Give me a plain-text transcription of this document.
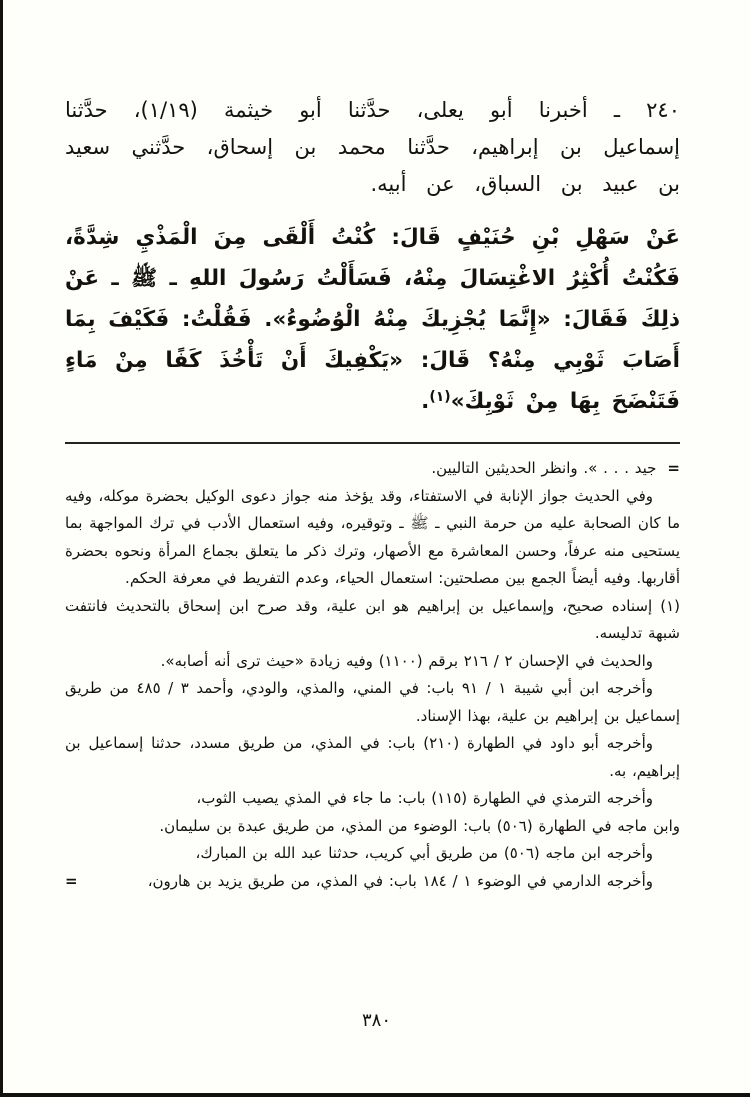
٢٤٠ ـ أخبرنا أبو يعلى، حدَّثنا أبو خيثمة (١/١٩)، حدَّثنا إسماعيل بن إبراهيم، حدَّثنا محمد بن إسحاق، حدَّثني سعيد بن عبيد بن السباق، عن أبيه.

عَنْ سَهْلِ بْنِ حُنَيْفٍ قَالَ: كُنْتُ أَلْقَى مِنَ الْمَذْيِ شِدَّةً، فَكُنْتُ أُكْثِرُ الاغْتِسَالَ مِنْهُ، فَسَأَلْتُ رَسُولَ اللهِ ـ ﷺ ـ عَنْ ذلِكَ فَقَالَ: «إِنَّمَا يُجْزِيكَ مِنْهُ الْوُضُوءُ». فَقُلْتُ: فَكَيْفَ بِمَا أَصَابَ ثَوْبِي مِنْهُ؟ قَالَ: «يَكْفِيكَ أَنْ تَأْخُذَ كَفًا مِنْ مَاءٍ فَتَنْضَحَ بِهَا مِنْ ثَوْبِكَ»$^{(١)}$.

=جيد . . . ». وانظر الحديثين التاليين.

وفي الحديث جواز الإنابة في الاستفتاء، وقد يؤخذ منه جواز دعوى الوكيل بحضرة موكله، وفيه ما كان الصحابة عليه من حرمة النبي ـ ﷺ ـ وتوقيره، وفيه استعمال الأدب في ترك المواجهة بما يستحيى منه عرفاً، وحسن المعاشرة مع الأصهار، وترك ذكر ما يتعلق بجماع المرأة ونحوه بحضرة أقاربها. وفيه أيضاً الجمع بين مصلحتين: استعمال الحياء، وعدم التفريط في معرفة الحكم.

(١) إسناده صحيح، وإسماعيل بن إبراهيم هو ابن علية، وقد صرح ابن إسحاق بالتحديث فانتفت شبهة تدليسه.

والحديث في الإحسان ٢ / ٢١٦ برقم (١١٠٠) وفيه زيادة «حيث ترى أنه أصابه».

وأخرجه ابن أبي شيبة ١ / ٩١ باب: في المني، والمذي، والودي، وأحمد ٣ / ٤٨٥ من طريق إسماعيل بن إبراهيم بن علية، بهذا الإسناد.

وأخرجه أبو داود في الطهارة (٢١٠) باب: في المذي، من طريق مسدد، حدثنا إسماعيل بن إبراهيم، به.

وأخرجه الترمذي في الطهارة (١١٥) باب: ما جاء في المذي يصيب الثوب،

وابن ماجه في الطهارة (٥٠٦) باب: الوضوء من المذي، من طريق عبدة بن سليمان.

وأخرجه ابن ماجه (٥٠٦) من طريق أبي كريب، حدثنا عبد الله بن المبارك،

=	وأخرجه الدارمي في الوضوء ١ / ١٨٤ باب: في المذي، من طريق يزيد بن هارون،

٣٨٠
